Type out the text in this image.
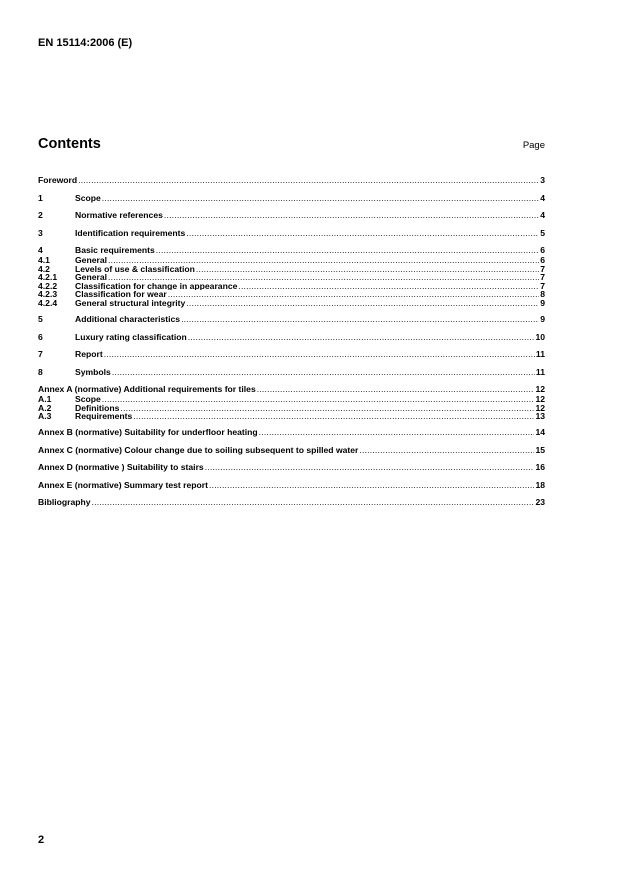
EN 15114:2006 (E)
Contents	Page
Foreword .....	3
1	Scope .....	4
2	Normative references .....	4
3	Identification requirements .....	5
4	Basic requirements .....	6
4.1	General .....	6
4.2	Levels of use & classification .....	7
4.2.1	General .....	7
4.2.2	Classification for change in appearance .....	7
4.2.3	Classification for wear .....	8
4.2.4	General structural integrity .....	9
5	Additional characteristics .....	9
6	Luxury rating classification .....	10
7	Report .....	11
8	Symbols .....	11
Annex A (normative) Additional requirements for tiles .....	12
A.1	Scope .....	12
A.2	Definitions .....	12
A.3	Requirements .....	13
Annex B (normative) Suitability for underfloor heating .....	14
Annex C (normative) Colour change due to soiling subsequent to spilled water .....	15
Annex D (normative ) Suitability to stairs .....	16
Annex E (normative) Summary test report .....	18
Bibliography .....	23
2
